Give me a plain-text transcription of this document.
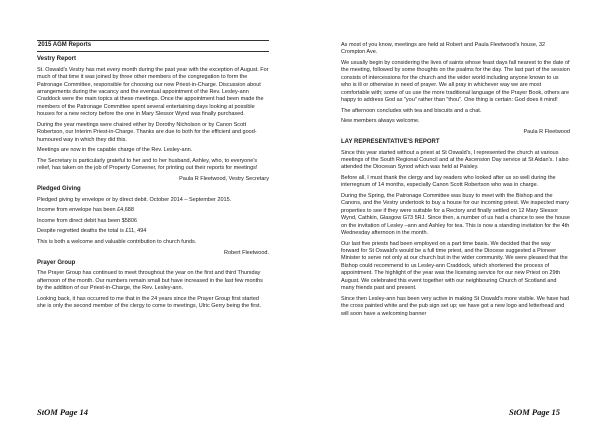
2015 AGM Reports
Vestry Report

St. Oswald's Vestry has met every month during the past year with the exception of August. For much of that time it was joined by three other members of the congregation to form the Patronage Committee, responsible for choosing our new Priest-in-Charge. Discussion about arrangements during the vacancy and the eventual appointment of the Rev. Lesley-ann Craddock were the main topics at these meetings. Once the appointment had been made the members of the Patronage Committee spent several entertaining days looking at possible houses for a new rectory before the one in Mary Slessor Wynd was finally purchased.

During the year meetings were chaired either by Dorothy Nicholson or by Canon Scott Robertson, our Interim Priest-in-Charge. Thanks are due to both for the efficient and good-humoured way in which they did this.

Meetings are now in the capable charge of the Rev. Lesley-ann.

The Secretary is particularly grateful to her and to her husband, Ashley, who, to everyone's relief, has taken on the job of Property Convener, for printing out their reports for meetings!

Paula R Fleetwood, Vestry Secretary
Pledged Giving

Pledged giving by envelope or by direct debit. October 2014 – September 2015.

Income from envelope has been £4,688

Income from direct debit has been $5806

Despite regretted deaths the total is £11, 494

This is both a welcome and valuable contribution to church funds.

Robert Fleetwood.
Prayer Group

The Prayer Group has continued to meet throughout the year on the first and third Thursday afternoon of the month. Our numbers remain small but have increased in the last few months by the addition of our Priest-in-Charge, the Rev. Lesley-ann.

Looking back, it has occurred to me that in the 24 years since the Prayer Group first started she is only the second member of the clergy to come to meetings, Ulric Gerry being the first.

As most of you know, meetings are held at Robert and Paula Fleetwood's house, 32 Crompton Ave.

We usually begin by considering the lives of saints whose feast days fall nearest to the date of the meeting, followed by some thoughts on the psalms for the day. The last part of the session consists of intercessions for the church and the wider world including anyone known to us who is ill or otherwise in need of prayer. We all pray in whichever way we are most comfortable with; some of us use the more traditional language of the Prayer Book, others are happy to address God as "you" rather than "thou". One thing is certain: God does it mind!

The afternoon concludes with tea and biscuits and a chat.

New members always welcome.

Paula R Fleetwood
LAY REPRESENTATIVE'S REPORT

Since this year started without a priest at St Oswald's, I represented the church at various meetings of the South Regional Council and at the Ascension Day service at St Aidan's. I also attended the Diocesan Synod which was held at Paisley.

Before all, I must thank the clergy and lay readers who looked after us so well during the interregnum of 14 months, especially Canon Scott Robertson who was in charge.

During the Spring, the Patronage Committee was busy to meet with the Bishop and the Canons, and the Vestry undertook to buy a house for our incoming priest. We inspected many properties to see if they were suitable for a Rectory and finally settled on 12 Mary Slessor Wynd, Cathkin, Glasgow G73 5RJ. Since then, a number of us had a chance to see the house on the invitation of Lesley –ann and Ashley for tea. This is now a standing invitation for the 4th Wednesday afternoon in the month.

Our last five priests had been employed on a part time basis. We decided that the way forward for St Oswald's would be a full time priest, and the Diocese suggested a Pioneer Minister to serve not only at our church but in the wider community. We were pleased that the Bishop could recommend to us Lesley-ann Craddock, which shortened the process of appointment. The highlight of the year was the licensing service for our new Priest on 29th August. We celebrated this event together with our neighbouring Church of Scotland and many friends past and present.

Since then Lesley-ann has been very active in making St Oswald's more visible. We have had the cross painted white and the pub sign set up; we have got a new logo and letterhead and will soon have a welcoming banner

StOM Page 14	StOM Page 15
